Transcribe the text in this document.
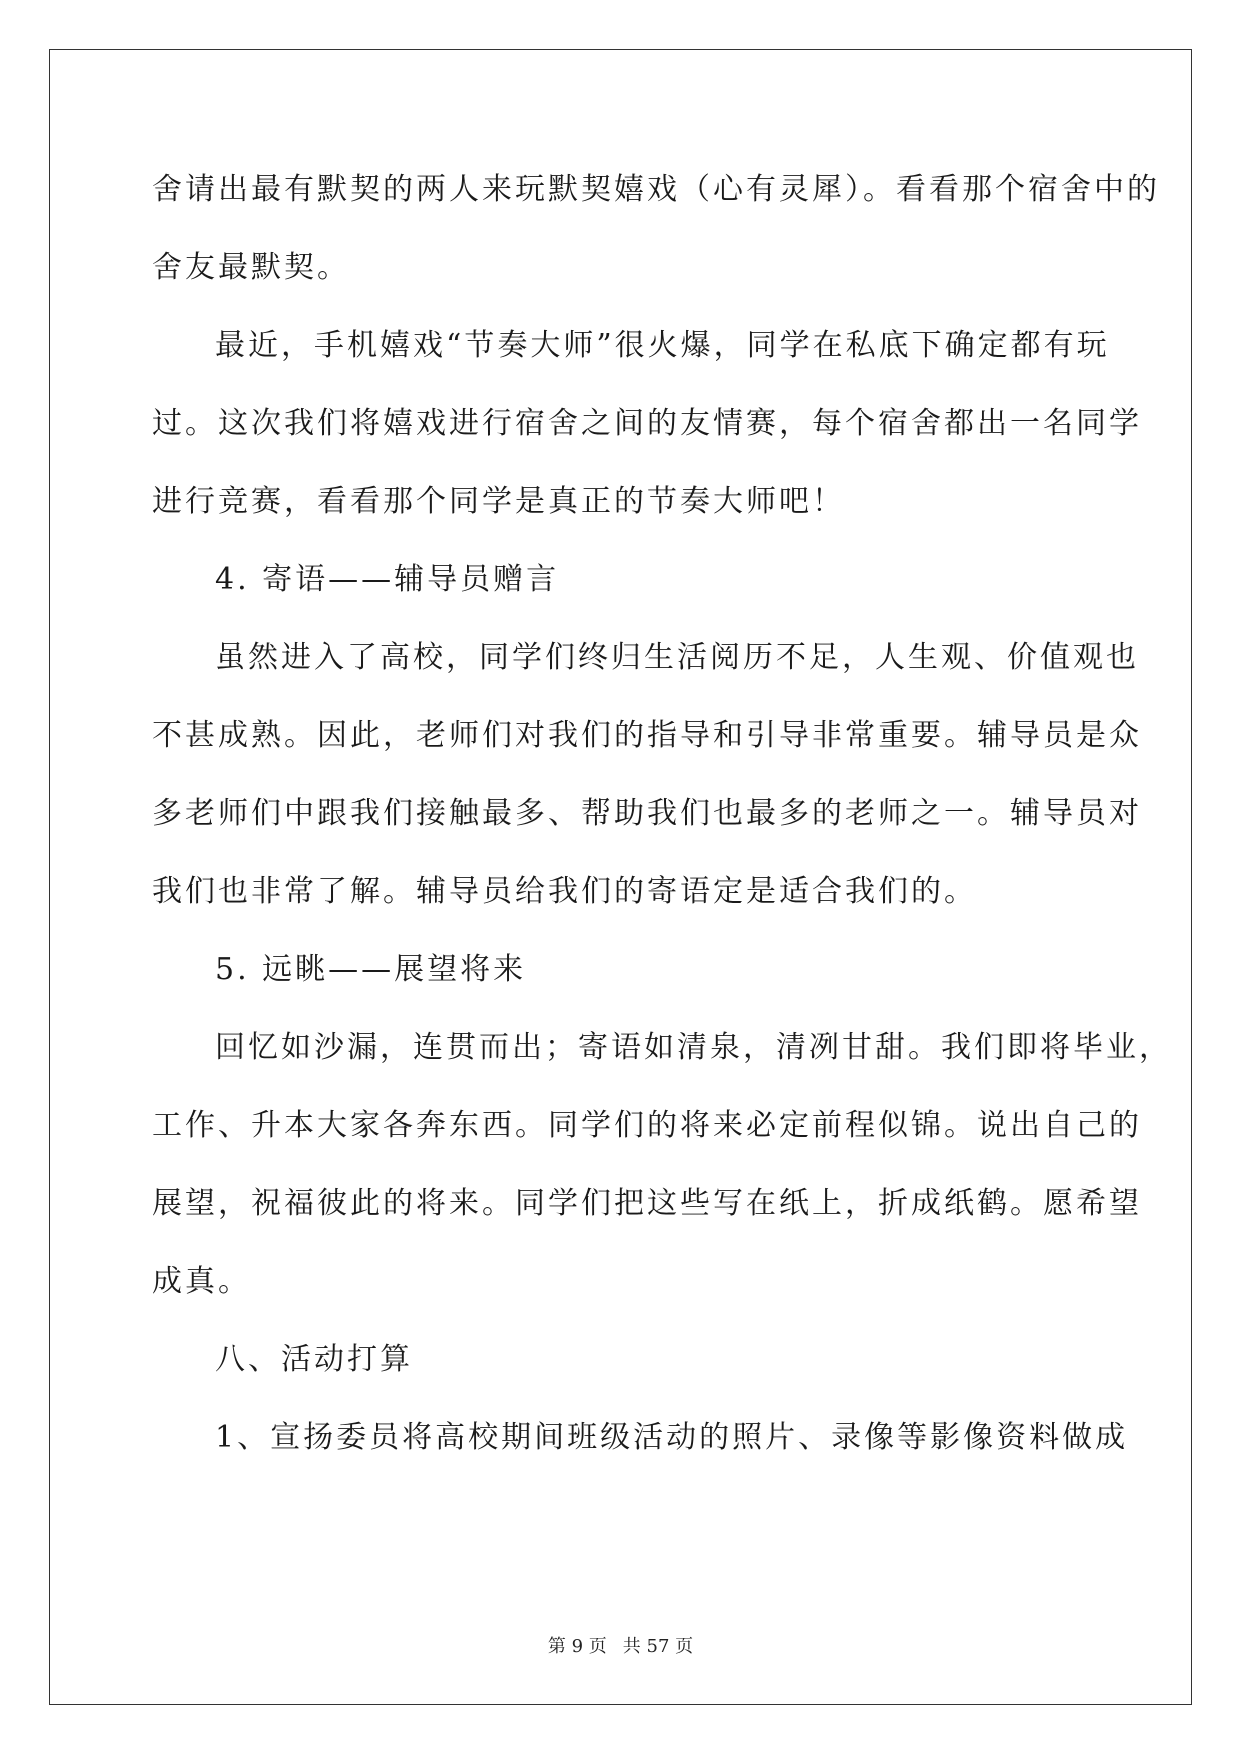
舍请出最有默契的两人来玩默契嬉戏（心有灵犀）。看看那个宿舍中的
舍友最默契。
最近，手机嬉戏“节奏大师”很火爆，同学在私底下确定都有玩
过。这次我们将嬉戏进行宿舍之间的友情赛，每个宿舍都出一名同学
进行竞赛，看看那个同学是真正的节奏大师吧！
4. 寄语——辅导员赠言
虽然进入了高校，同学们终归生活阅历不足，人生观、价值观也
不甚成熟。因此，老师们对我们的指导和引导非常重要。辅导员是众
多老师们中跟我们接触最多、帮助我们也最多的老师之一。辅导员对
我们也非常了解。辅导员给我们的寄语定是适合我们的。
5. 远眺——展望将来
回忆如沙漏，连贯而出；寄语如清泉，清冽甘甜。我们即将毕业，
工作、升本大家各奔东西。同学们的将来必定前程似锦。说出自己的
展望，祝福彼此的将来。同学们把这些写在纸上，折成纸鹤。愿希望
成真。
八、活动打算
1、宣扬委员将高校期间班级活动的照片、录像等影像资料做成
第 9 页 共 57 页
